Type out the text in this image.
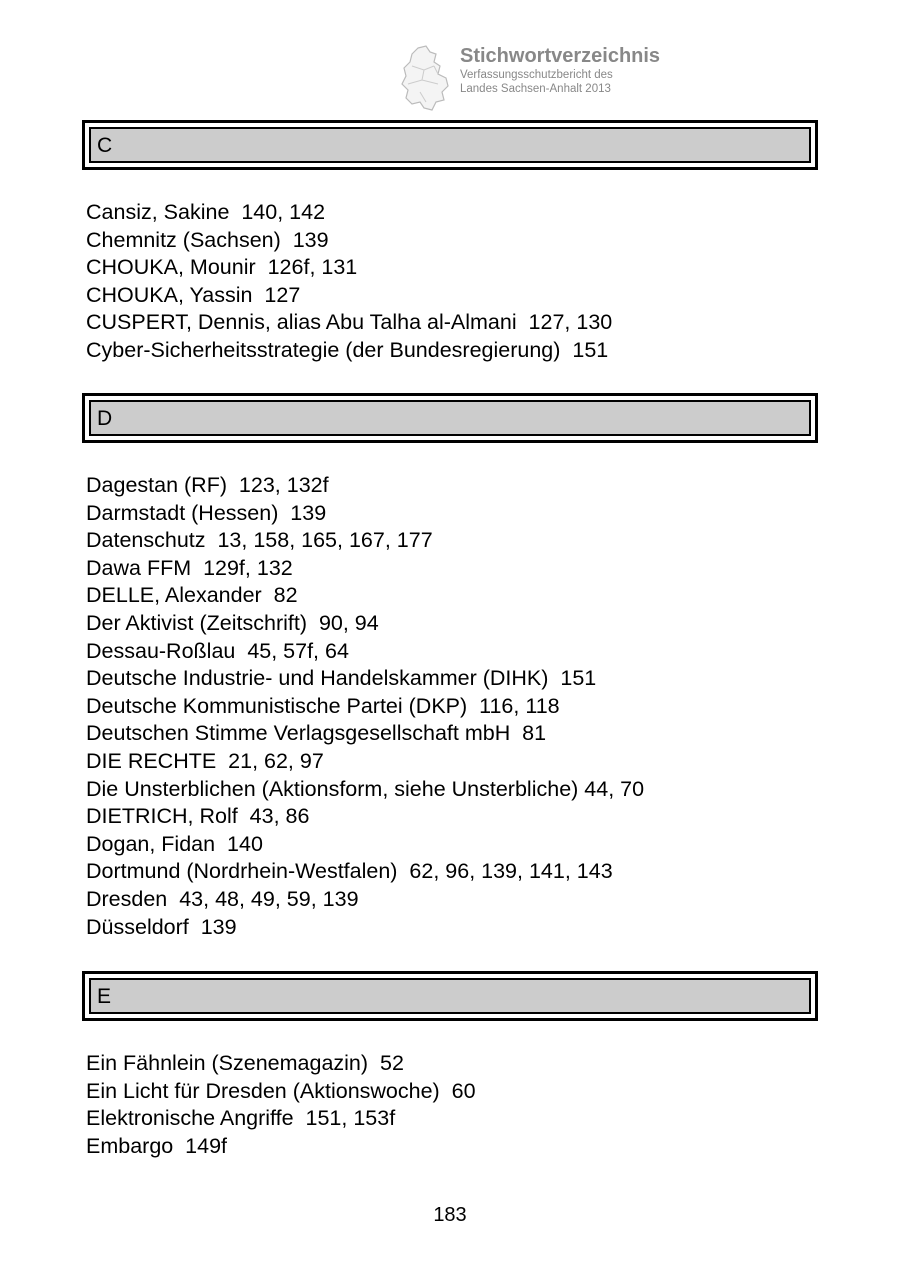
Stichwortverzeichnis
Verfassungsschutzbericht des
Landes Sachsen-Anhalt 2013
C
Cansiz, Sakine  140, 142
Chemnitz (Sachsen)  139
CHOUKA, Mounir  126f, 131
CHOUKA, Yassin  127
CUSPERT, Dennis, alias Abu Talha al-Almani  127, 130
Cyber-Sicherheitsstrategie (der Bundesregierung)  151
D
Dagestan (RF)  123, 132f
Darmstadt (Hessen)  139
Datenschutz  13, 158, 165, 167, 177
Dawa FFM  129f, 132
DELLE, Alexander  82
Der Aktivist (Zeitschrift)  90, 94
Dessau-Roßlau  45, 57f, 64
Deutsche Industrie- und Handelskammer (DIHK)  151
Deutsche Kommunistische Partei (DKP)  116, 118
Deutschen Stimme Verlagsgesellschaft mbH  81
DIE RECHTE  21, 62, 97
Die Unsterblichen (Aktionsform, siehe Unsterbliche) 44, 70
DIETRICH, Rolf  43, 86
Dogan, Fidan  140
Dortmund (Nordrhein-Westfalen)  62, 96, 139, 141, 143
Dresden  43, 48, 49, 59, 139
Düsseldorf  139
E
Ein Fähnlein (Szenemagazin)  52
Ein Licht für Dresden (Aktionswoche)  60
Elektronische Angriffe  151, 153f
Embargo  149f
183
